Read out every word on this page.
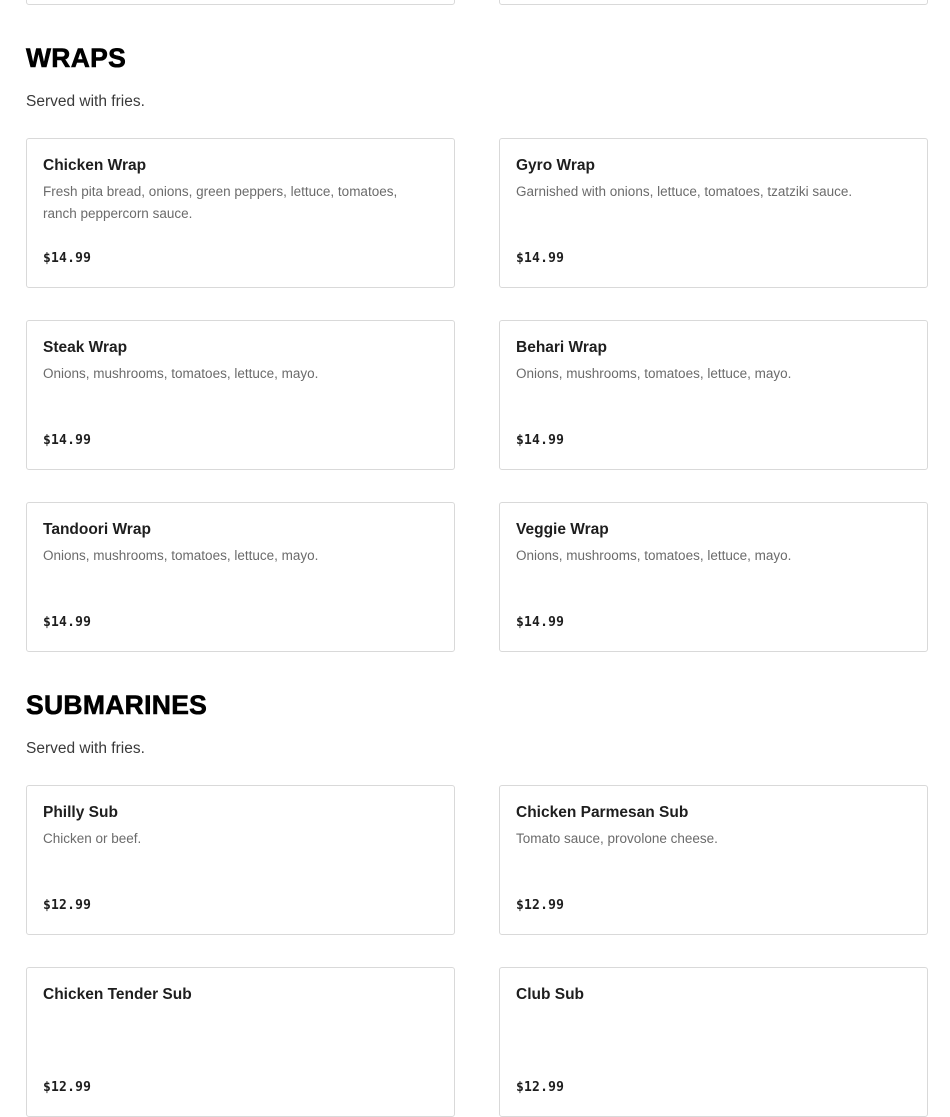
WRAPS

Served with fries.

Chicken Wrap

Fresh pita bread, onions, green peppers, lettuce, tomatoes, ranch peppercorn sauce.

$14.99

Gyro Wrap

Garnished with onions, lettuce, tomatoes, tzatziki sauce.

$14.99

Steak Wrap

Onions, mushrooms, tomatoes, lettuce, mayo.

$14.99

Behari Wrap

Onions, mushrooms, tomatoes, lettuce, mayo.

$14.99

Tandoori Wrap

Onions, mushrooms, tomatoes, lettuce, mayo.

$14.99

Veggie Wrap

Onions, mushrooms, tomatoes, lettuce, mayo.

$14.99
SUBMARINES

Served with fries.

Philly Sub

Chicken or beef.

$12.99

Chicken Parmesan Sub

Tomato sauce, provolone cheese.

$12.99

Chicken Tender Sub

$12.99

Club Sub

$12.99
